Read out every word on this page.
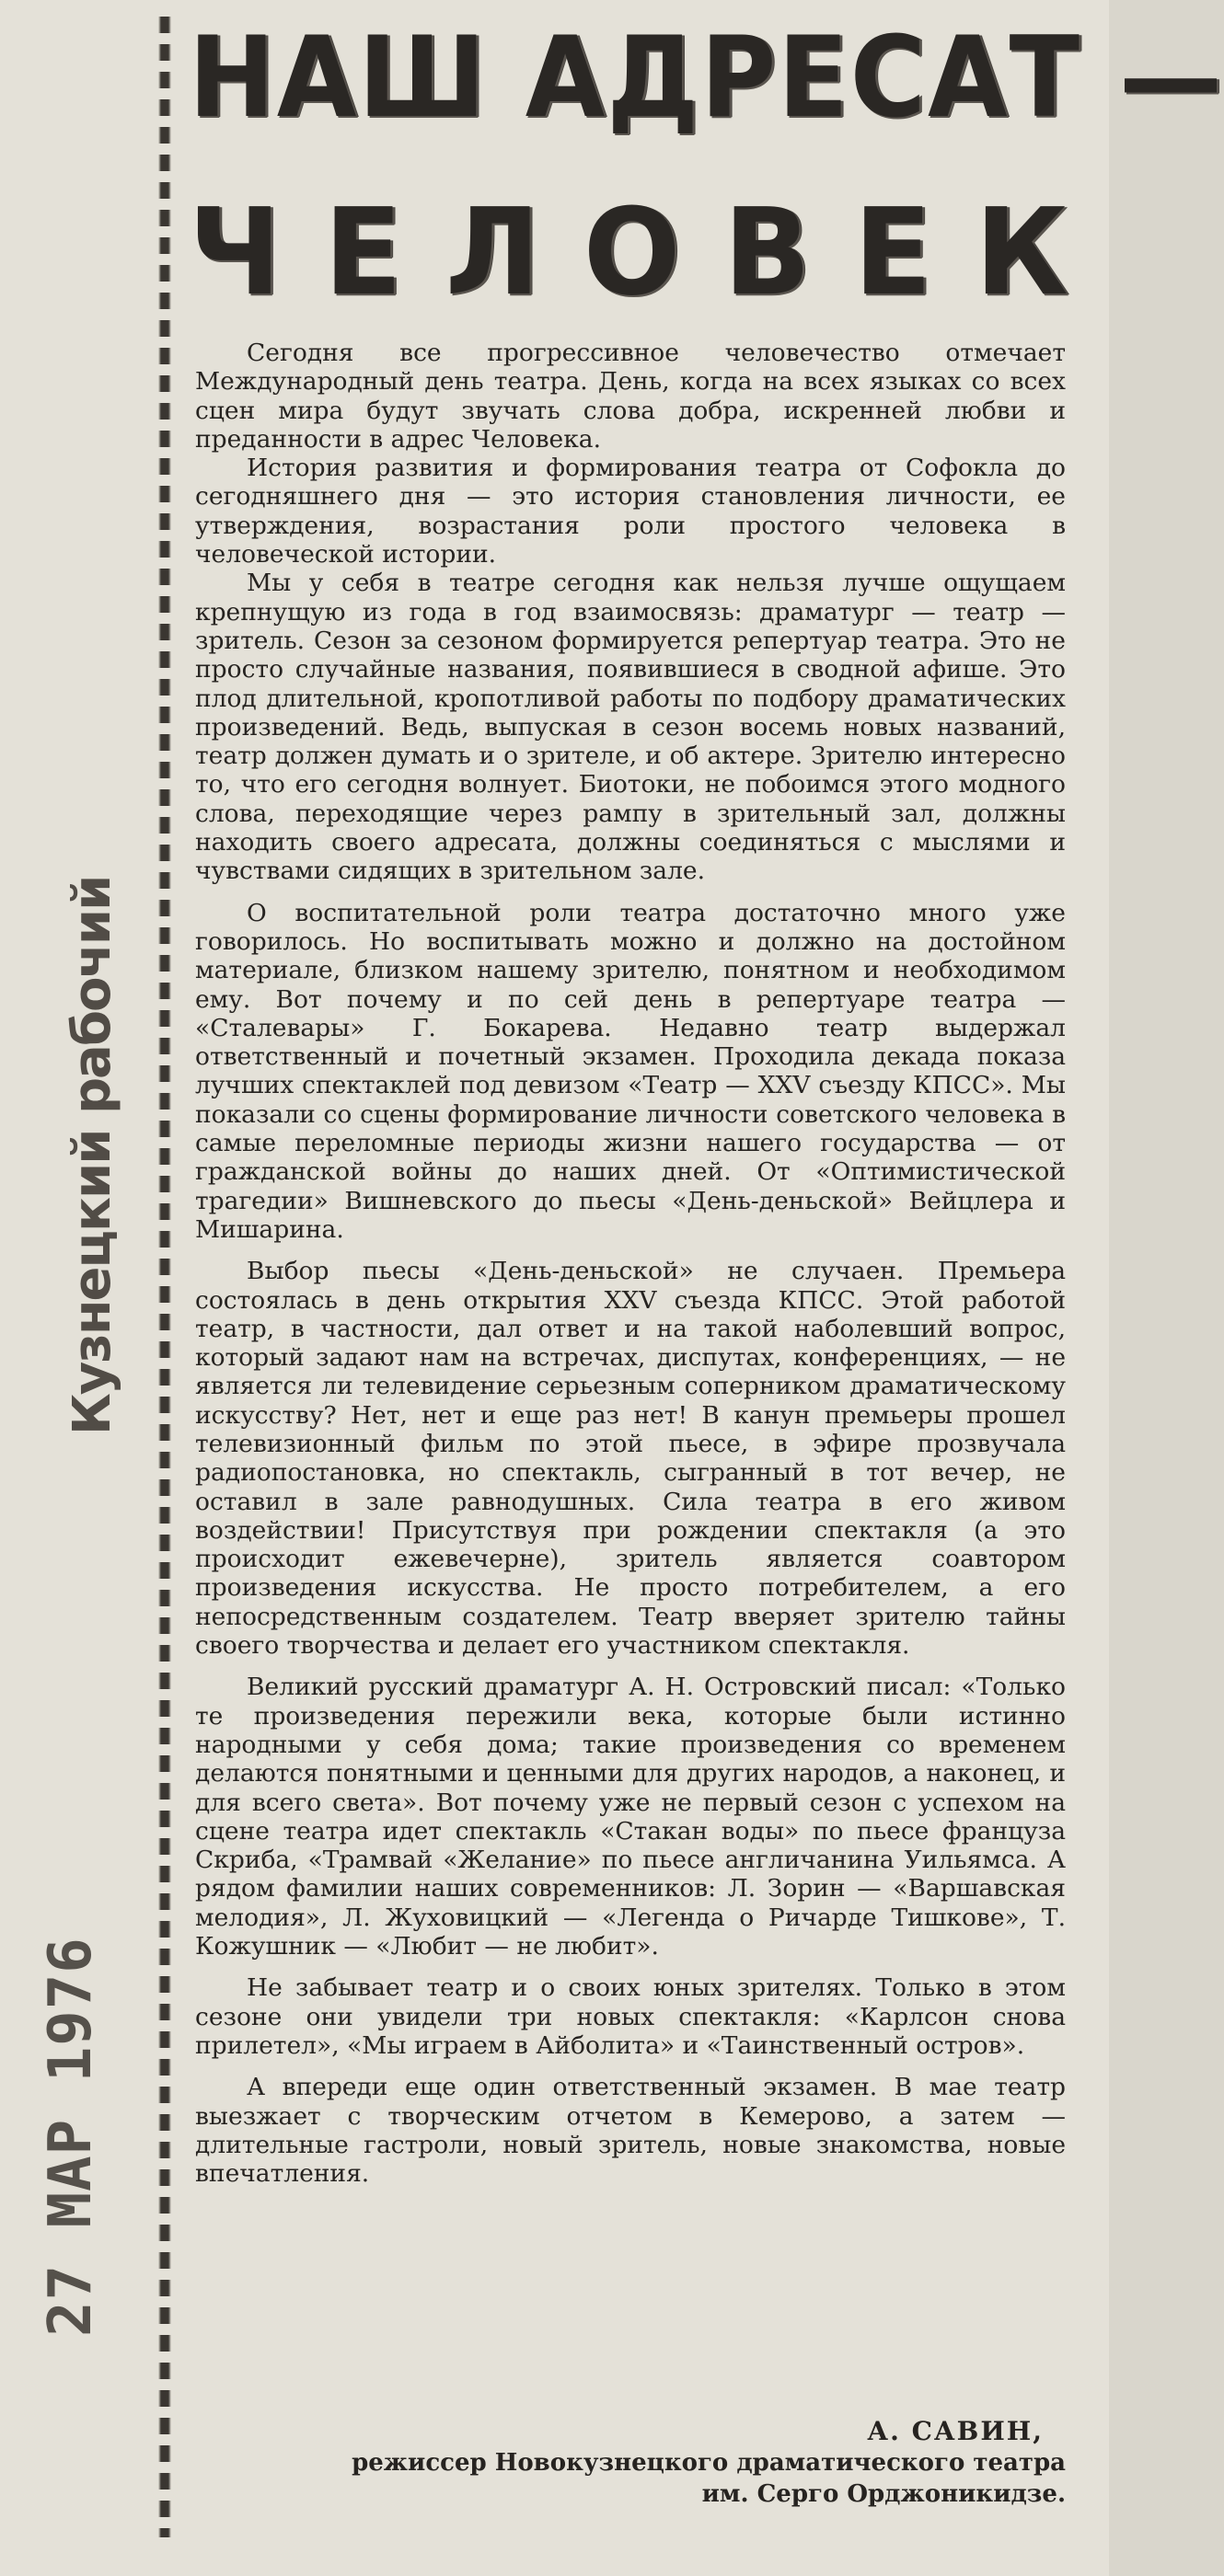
Кузнецкий рабочий
27 МАР 1976
НАШ АДРЕСАТ —
ЧЕЛОВЕК

Сегодня все прогрессивное человечество отмечает Международный день театра. День, когда на всех языках со всех сцен мира будут звучать слова добра, искренней любви и преданности в адрес Человека.

История развития и формирования театра от Софокла до сегодняшнего дня — это история становления личности, ее утверждения, возрастания роли простого человека в человеческой истории.

Мы у себя в театре сегодня как нельзя лучше ощущаем крепнущую из года в год взаимосвязь: драматург — театр — зритель. Сезон за сезоном формируется репертуар театра. Это не просто случайные названия, появившиеся в сводной афише. Это плод длительной, кропотливой работы по подбору драматических произведений. Ведь, выпуская в сезон восемь новых названий, театр должен думать и о зрителе, и об актере. Зрителю интересно то, что его сегодня волнует. Биотоки, не побоимся этого модного слова, переходящие через рампу в зрительный зал, должны находить своего адресата, должны соединяться с мыслями и чувствами сидящих в зрительном зале.

О воспитательной роли театра достаточно много уже говорилось. Но воспитывать можно и должно на достойном материале, близком нашему зрителю, понятном и необходимом ему. Вот почему и по сей день в репертуаре театра — «Сталевары» Г. Бокарева. Недавно театр выдержал ответственный и почетный экзамен. Проходила декада показа лучших спектаклей под девизом «Театр — XXV съезду КПСС». Мы показали со сцены формирование личности советского человека в самые переломные периоды жизни нашего государства — от гражданской войны до наших дней. От «Оптимистической трагедии» Вишневского до пьесы «День-деньской» Вейцлера и Мишарина.

Выбор пьесы «День-деньской» не случаен. Премьера состоялась в день открытия XXV съезда КПСС. Этой работой театр, в частности, дал ответ и на такой наболевший вопрос, который задают нам на встречах, диспутах, конференциях, — не является ли телевидение серьезным соперником драматическому искусству? Нет, нет и еще раз нет! В канун премьеры прошел телевизионный фильм по этой пьесе, в эфире прозвучала радиопостановка, но спектакль, сыгранный в тот вечер, не оставил в зале равнодушных. Сила театра в его живом воздействии! Присутствуя при рождении спектакля (а это происходит ежевечерне), зритель является соавтором произведения искусства. Не просто потребителем, а его непосредственным создателем. Театр вверяет зрителю тайны своего творчества и делает его участником спектакля.

Великий русский драматург А. Н. Островский писал: «Только те произведения пережили века, которые были истинно народными у себя дома; такие произведения со временем делаются понятными и ценными для других народов, а наконец, и для всего света». Вот почему уже не первый сезон с успехом на сцене театра идет спектакль «Стакан воды» по пьесе француза Скриба, «Трамвай «Желание» по пьесе англичанина Уильямса. А рядом фамилии наших современников: Л. Зорин — «Варшавская мелодия», Л. Жуховицкий — «Легенда о Ричарде Тишкове», Т. Кожушник — «Любит — не любит».

Не забывает театр и о своих юных зрителях. Только в этом сезоне они увидели три новых спектакля: «Карлсон снова прилетел», «Мы играем в Айболита» и «Таинственный остров».

А впереди еще один ответственный экзамен. В мае театр выезжает с творческим отчетом в Кемерово, а затем — длительные гастроли, новый зритель, новые знакомства, новые впечатления.

А. САВИН,
режиссер Новокузнецкого драматического театра
им. Серго Орджоникидзе.
